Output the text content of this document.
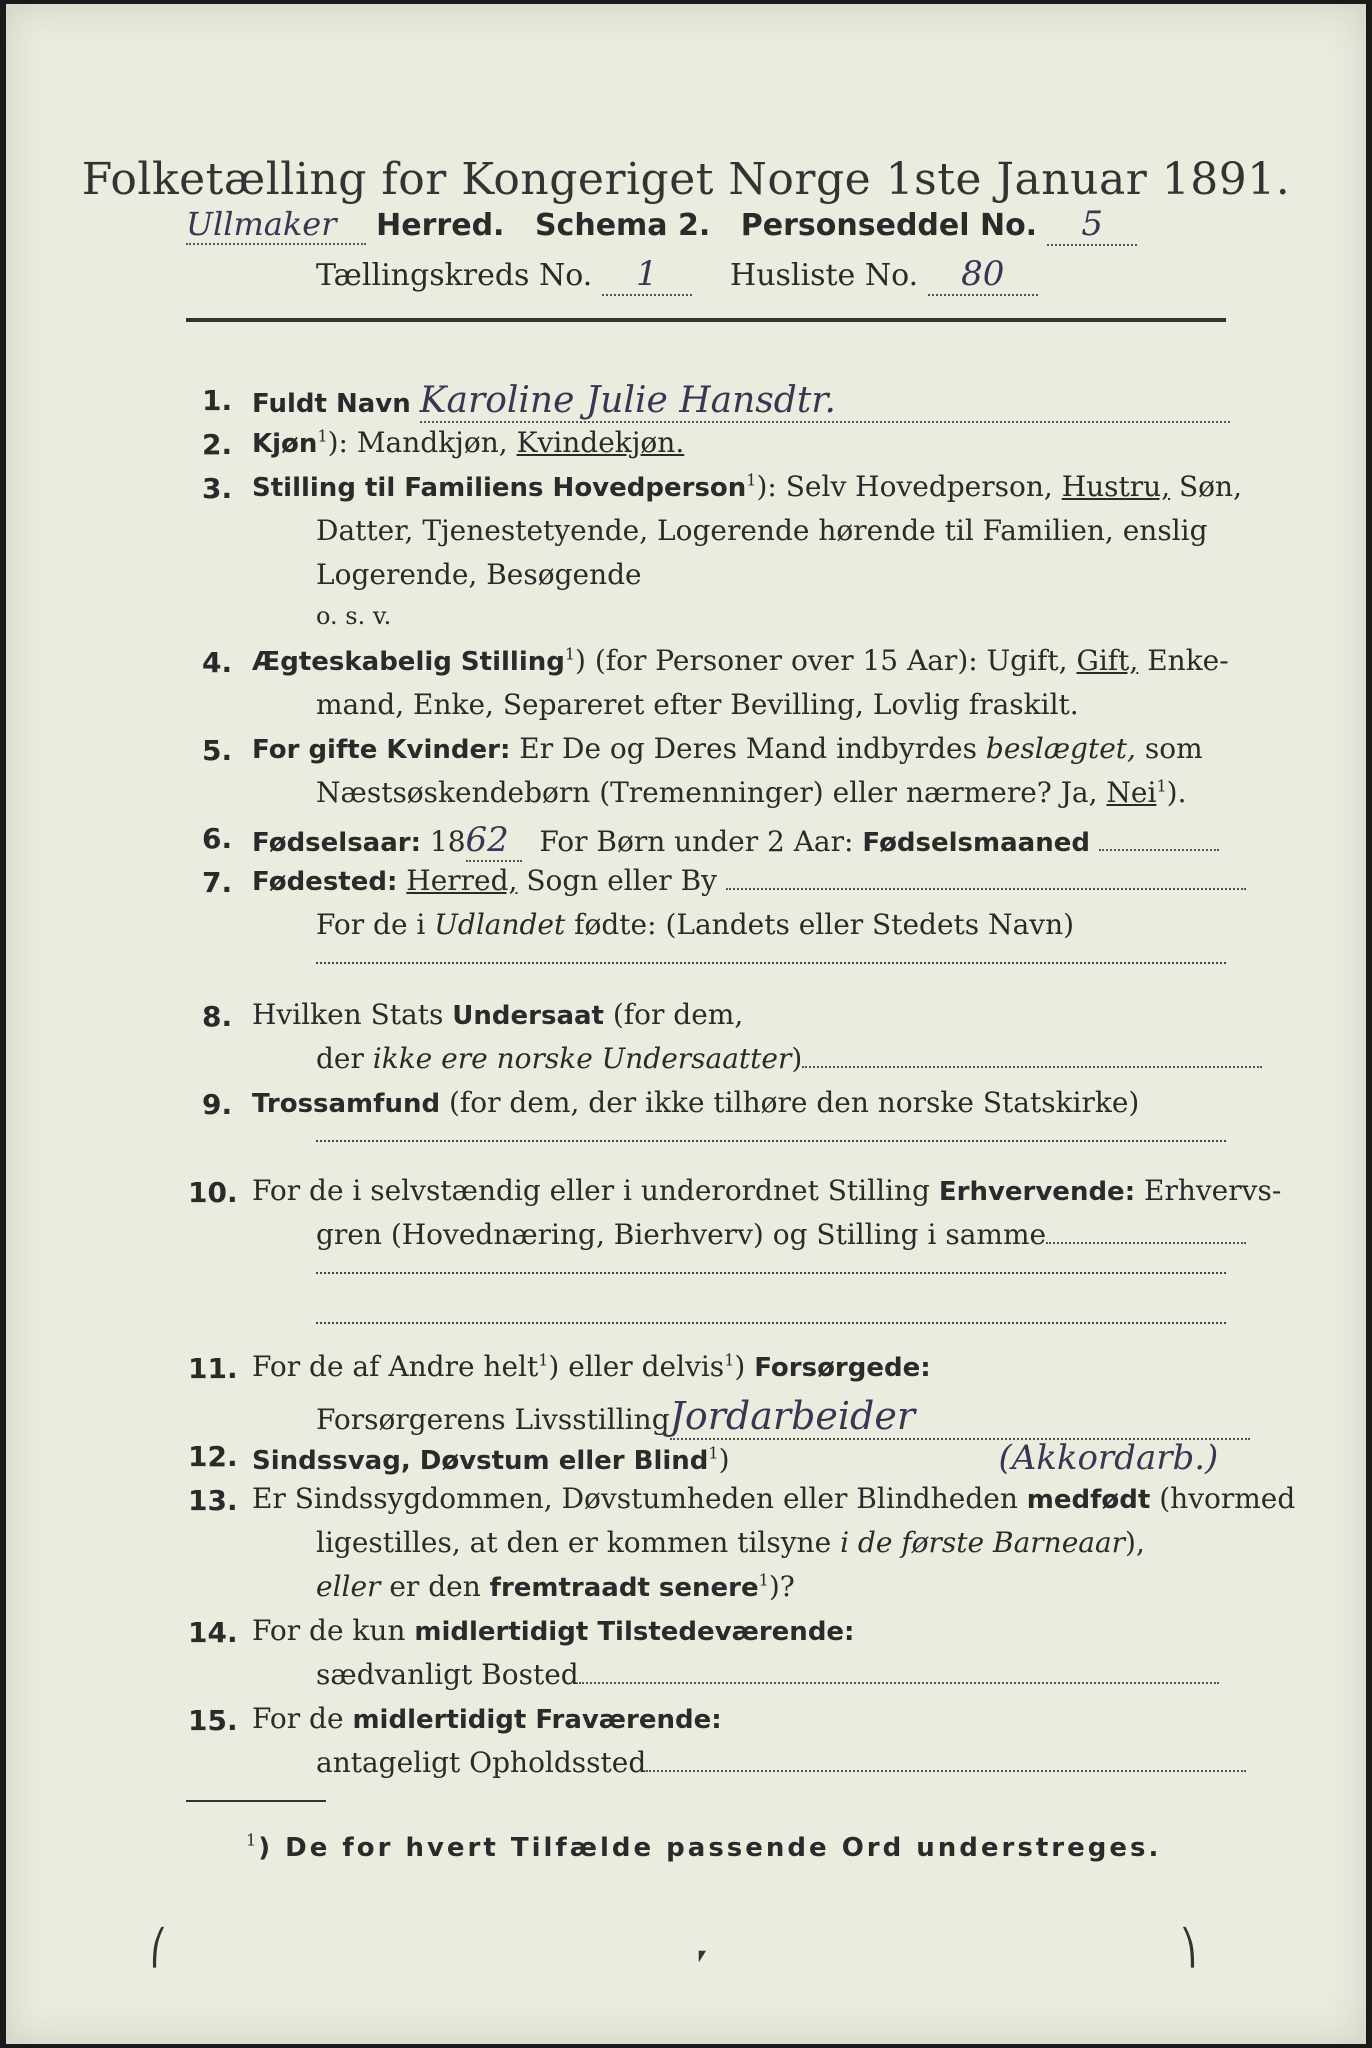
Folketælling for Kongeriget Norge 1ste Januar 1891.
Ullmaker Herred. Schema 2. Personseddel No. 5
Tællingskreds No. 1 Husliste No. 80
1. Fuldt Navn Karoline Julie Hansdtr.
2. Kjøn$^1$): Mandkjøn, Kvindekjøn.
3. Stilling til Familiens Hovedperson$^1$): Selv Hovedperson, Hustru, Søn,
Datter, Tjenestetyende, Logerende hørende til Familien, enslig
Logerende, Besøgende
o. s. v.
4. Ægteskabelig Stilling$^1$) (for Personer over 15 Aar): Ugift, Gift, Enke-
mand, Enke, Separeret efter Bevilling, Lovlig fraskilt.
5. For gifte Kvinder: Er De og Deres Mand indbyrdes beslægtet, som
Næstsøskendebørn (Tremenninger) eller nærmere? Ja, Nei$^1$).
6. Fødselsaar: 1862 For Børn under 2 Aar: Fødselsmaaned
7. Fødested: Herred, Sogn eller By
For de i Udlandet fødte: (Landets eller Stedets Navn)
8. Hvilken Stats Undersaat (for dem,
der ikke ere norske Undersaatter)
9. Trossamfund (for dem, der ikke tilhøre den norske Statskirke)
10. For de i selvstændig eller i underordnet Stilling Erhvervende: Erhvervs-
gren (Hovednæring, Bierhverv) og Stilling i samme
11. For de af Andre helt$^1$) eller delvis$^1$) Forsørgede:
Forsørgerens LivsstillingJordarbeider
12. Sindssvag, Døvstum eller Blind$^1$)	(Akkordarb.)
13. Er Sindssygdommen, Døvstumheden eller Blindheden medfødt (hvormed
ligestilles, at den er kommen tilsyne i de første Barneaar),
eller er den fremtraadt senere$^1$)?
14. For de kun midlertidigt Tilstedeværende:
sædvanligt Bosted
15. For de midlertidigt Fraværende:
antageligt Opholdssted
$^1$) De for hvert Tilfælde passende Ord understreges.
⎛	⎖	⎞
